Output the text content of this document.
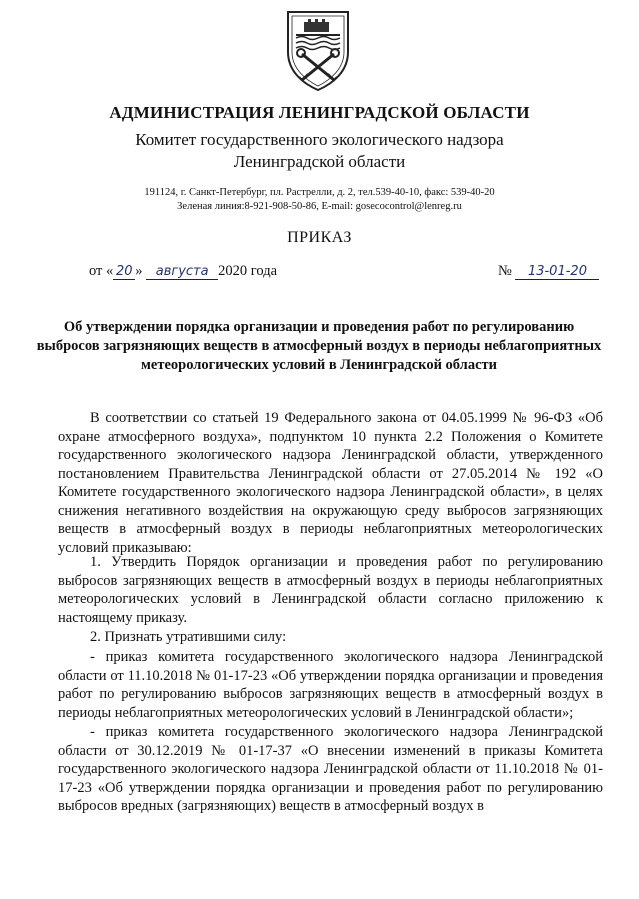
АДМИНИСТРАЦИЯ ЛЕНИНГРАДСКОЙ ОБЛАСТИ
Комитет государственного экологического надзора
Ленинградской области
191124, г. Санкт-Петербург, пл. Растрелли, д. 2, тел.539-40-10, факс: 539-40-20
Зеленая линия:8-921-908-50-86, E-mail: gosecocontrol@lenreg.ru
ПРИКАЗ
от « 20 » августа 2020 года	№ 13-01-20
Об утверждении порядка организации и проведения работ по регулированию выбросов загрязняющих веществ в атмосферный воздух в периоды неблагоприятных метеорологических условий в Ленинградской области
В соответствии со статьей 19 Федерального закона от 04.05.1999 № 96-ФЗ «Об охране атмосферного воздуха», подпунктом 10 пункта 2.2 Положения о Комитете государственного экологического надзора Ленинградской области, утвержденного постановлением Правительства Ленинградской области от 27.05.2014 № 192 «О Комитете государственного экологического надзора Ленинградской области», в целях снижения негативного воздействия на окружающую среду выбросов загрязняющих веществ в атмосферный воздух в периоды неблагоприятных метеорологических условий приказываю:
1. Утвердить Порядок организации и проведения работ по регулированию выбросов загрязняющих веществ в атмосферный воздух в периоды неблагоприятных метеорологических условий в Ленинградской области согласно приложению к настоящему приказу.
2. Признать утратившими силу:
- приказ комитета государственного экологического надзора Ленинградской области от 11.10.2018 № 01-17-23 «Об утверждении порядка организации и проведения работ по регулированию выбросов загрязняющих веществ в атмосферный воздух в периоды неблагоприятных метеорологических условий в Ленинградской области»;
- приказ комитета государственного экологического надзора Ленинградской области от 30.12.2019 № 01-17-37 «О внесении изменений в приказы Комитета государственного экологического надзора Ленинградской области от 11.10.2018 № 01-17-23 «Об утверждении порядка организации и проведения работ по регулированию выбросов вредных (загрязняющих) веществ в атмосферный воздух в
